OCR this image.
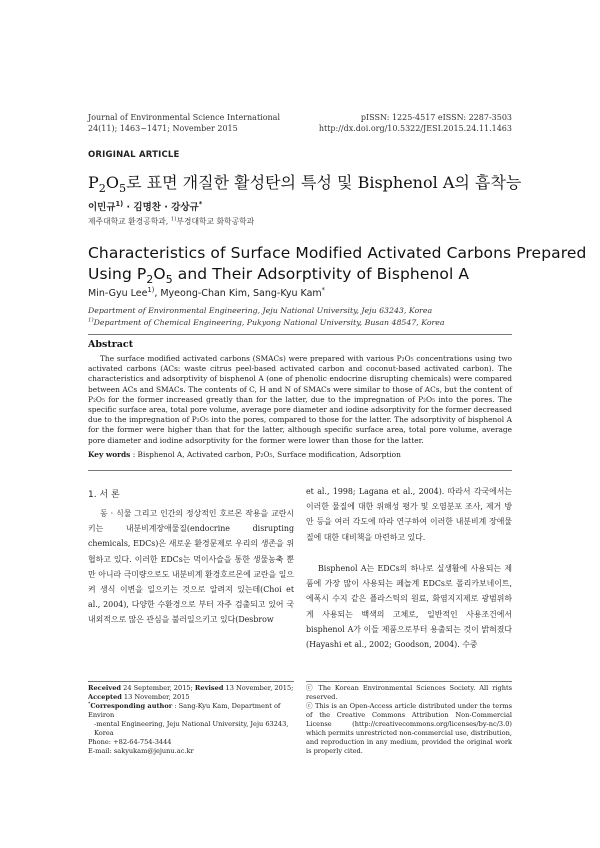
Journal of Environmental Science International
24(11); 1463~1471; November 2015
pISSN: 1225-4517 eISSN: 2287-3503
http://dx.doi.org/10.5322/JESI.2015.24.11.1463
ORIGINAL ARTICLE
$P_2O_5$로 표면 개질한 활성탄의 특성 및 Bisphenol A의 흡착능
이민규$^{1)}$ · 김명찬 · 강상규*
제주대학교 환경공학과, $^{1)}$부경대학교 화학공학과
Characteristics of Surface Modified Activated Carbons Prepared
Using $P_2O_5$ and Their Adsorptivity of Bisphenol A
Min-Gyu Lee$^{1)}$, Myeong-Chan Kim, Sang-Kyu Kam*
Department of Environmental Engineering, Jeju National University, Jeju 63243, Korea
$^{1)}$Department of Chemical Engineering, Pukyong National University, Busan 48547, Korea
Abstract

The surface modified activated carbons (SMACs) were prepared with various P₂O₅ concentrations using two activated carbons (ACs: waste citrus peel-based activated carbon and coconut-based activated carbon). The characteristics and adsorptivity of bisphenol A (one of phenolic endocrine disrupting chemicals) were compared between ACs and SMACs. The contents of C, H and N of SMACs were similar to those of ACs, but the content of P₂O₅ for the former increased greatly than for the latter, due to the impregnation of P₂O₅ into the pores. The specific surface area, total pore volume, average pore diameter and iodine adsorptivity for the former decreased due to the impregnation of P₂O₅ into the pores, compared to those for the latter. The adsorptivity of bisphenol A for the former were higher than that for the latter, although specific surface area, total pore volume, average pore diameter and iodine adsorptivity for the former were lower than those for the latter.

Key words : Bisphenol A, Activated carbon, P₂O₅, Surface modification, Adsorption
1. 서 론

동 · 식물 그리고 인간의 정상적인 호르몬 작용을 교란시키는 내분비계장애물질(endocrine disrupting chemicals, EDCs)은 새로운 환경문제로 우리의 생존을 위협하고 있다. 이러한 EDCs는 먹이사슬을 통한 생물농축 뿐만 아니라 극미량으로도 내분비계 환경호르몬에 교란을 일으켜 생식 이변을 일으키는 것으로 알려져 있는데(Choi et al., 2004), 다양한 수환경으로 부터 자주 검출되고 있어 국내외적으로 많은 관심을 불러일으키고 있다(Desbrow

et al., 1998; Lagana et al., 2004). 따라서 각국에서는 이러한 물질에 대한 위해성 평가 및 오염분포 조사, 제거 방안 등을 여러 각도에 따라 연구하여 이러한 내분비계 장애물질에 대한 대비책을 마련하고 있다.

Bisphenol A는 EDCs의 하나로 실생활에 사용되는 제품에 가장 많이 사용되는 페놀계 EDCs로 폴리카보네이트, 에폭시 수지 같은 플라스틱의 원료, 화염지지제로 광범위하게 사용되는 백색의 고체로, 일반적인 사용조건에서 bisphenol A가 이들 제품으로부터 용출되는 것이 밝혀졌다(Hayashi et al., 2002; Goodson, 2004). 수중

Received 24 September, 2015; Revised 13 November, 2015;
Accepted 13 November, 2015
*Corresponding author : Sang-Kyu Kam, Department of Environ
-mental Engineering, Jeju National University, Jeju 63243, Korea
Phone: +82-64-754-3444
E-mail: sakyukam@jejunu.ac.kr
ⓒ The Korean Environmental Sciences Society. All rights reserved.
ⓒ This is an Open-Access article distributed under the terms of the Creative Commons Attribution Non-Commercial License (http://creativecommons.org/licenses/by-nc/3.0) which permits unrestricted non-commercial use, distribution, and reproduction in any medium, provided the original work is properly cited.
